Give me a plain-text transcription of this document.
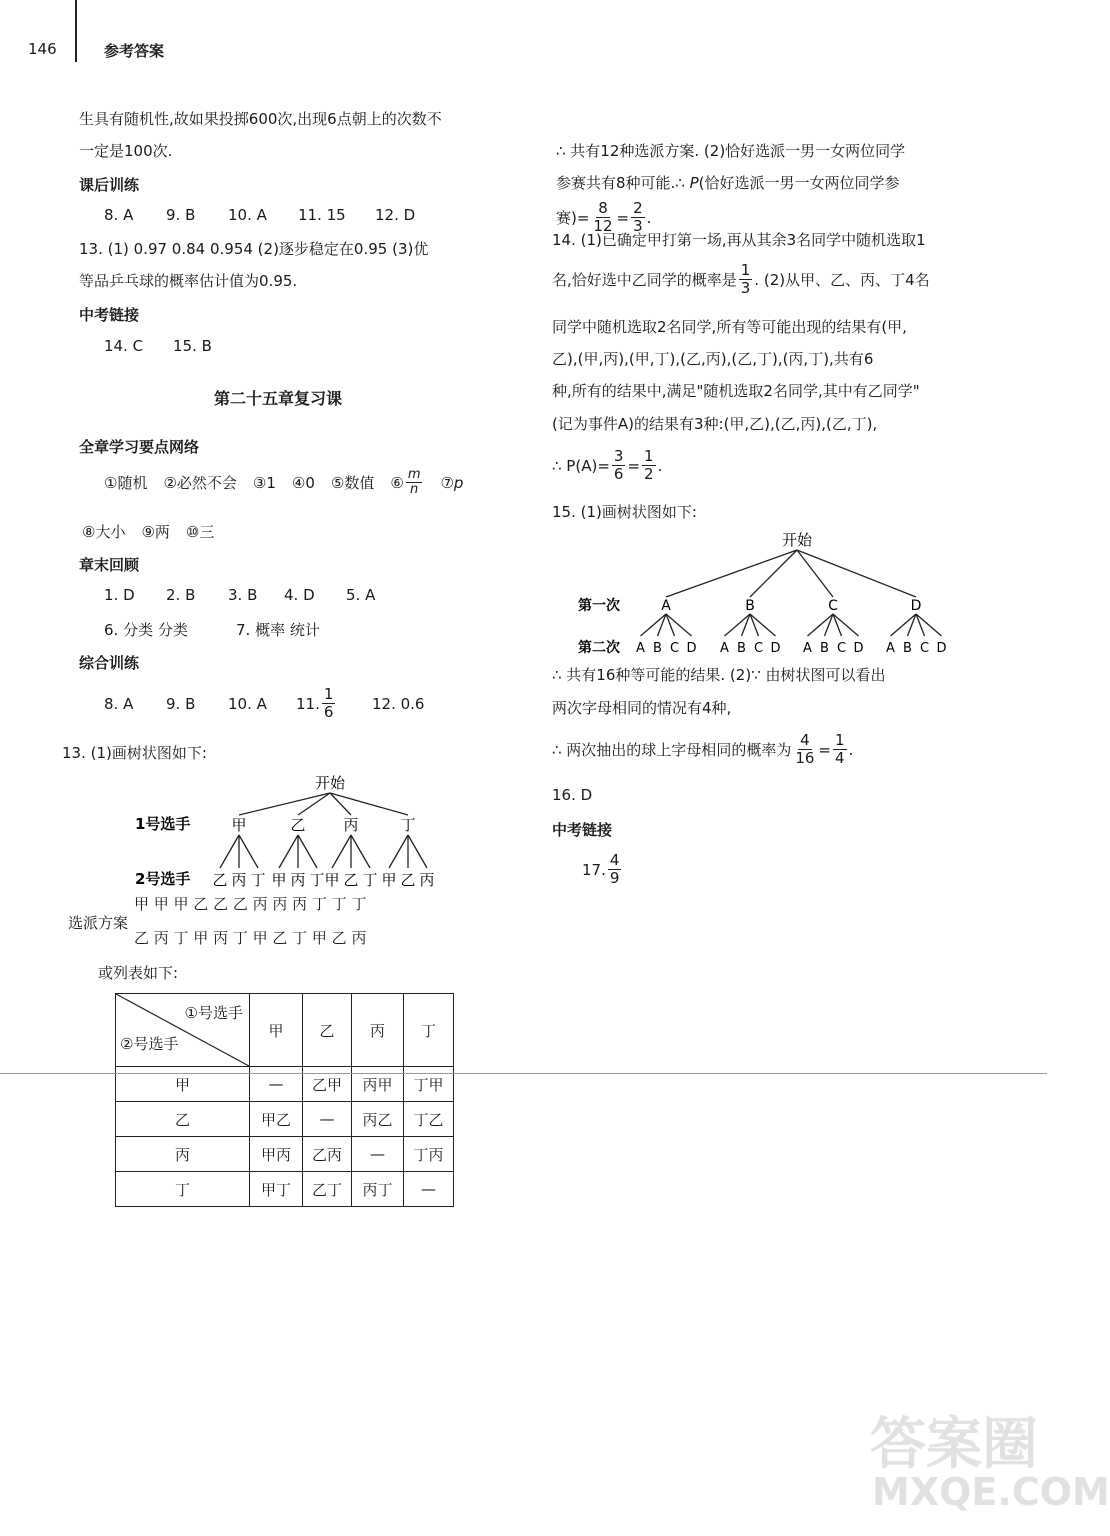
146	参考答案
生具有随机性,故如果投掷600次,出现6点朝上的次数不
一定是100次.
课后训练
8. A 9. B 10. A 11. 15 12. D
13. (1) 0.97 0.84 0.954 (2)逐步稳定在0.95 (3)优
等品乒乓球的概率估计值为0.95.
中考链接
14. C 15. B
第二十五章复习课
全章学习要点网络
①随机 ②必然不会 ③1 ④0 ⑤数值 ⑥ $\frac{m}{n}$ ⑦p
⑧大小 ⑨两 ⑩三
章末回顾
1. D 2. B 3. B 4. D 5. A
6. 分类 分类	7. 概率 统计
综合训练
8. A	9. B	10. A	11. $\frac{1}{6} 12$. 0.6
13. (1)画树状图如下:
开始
1号选手
2号选手
甲
乙 丙 丁
乙
甲 丙 丁
丙
甲 乙 丁
丁
甲 乙 丙
选派方案
甲 甲 甲 乙 乙 乙 丙 丙 丙 丁 丁 丁
乙 丙 丁 甲 丙 丁 甲 乙 丁 甲 乙 丙
或列表如下:
①号选手
②号选手	甲	乙	丙	丁
甲	—	乙甲	丙甲	丁甲
乙	甲乙	—	丙乙	丁乙
丙	甲丙	乙丙	—	丁丙
丁	甲丁	乙丁	丙丁	—
∴ 共有12种选派方案. (2)恰好选派一男一女两位同学
参赛共有8种可能.∴ P(恰好选派一男一女两位同学参
赛)= $\frac{8}{12} = \frac{2}{3}$ .
14. (1)已确定甲打第一场,再从其余3名同学中随机选取1
名,恰好选中乙同学的概率是 $\frac{1}{3}$ . (2)从甲、乙、丙、丁4名
同学中随机选取2名同学,所有等可能出现的结果有(甲,
乙),(甲,丙),(甲,丁),(乙,丙),(乙,丁),(丙,丁),共有6
种,所有的结果中,满足"随机选取2名同学,其中有乙同学"
(记为事件A)的结果有3种:(甲,乙),(乙,丙),(乙,丁),
∴ $P(A)= \frac{3}{6} = \frac{1}{2}$ .
15. (1)画树状图如下:
开始
第一次
第二次
A
A B C D
B
A B C D
C
A B C D
D
A B C D
∴ 共有16种等可能的结果. (2)∵ 由树状图可以看出
两次字母相同的情况有4种,
∴ 两次抽出的球上字母相同的概率为 $\frac{4}{16} = \frac{1}{4}$ .
16. D
中考链接
17. $\frac{4}{9}$
答案圈
MXQE.COM
